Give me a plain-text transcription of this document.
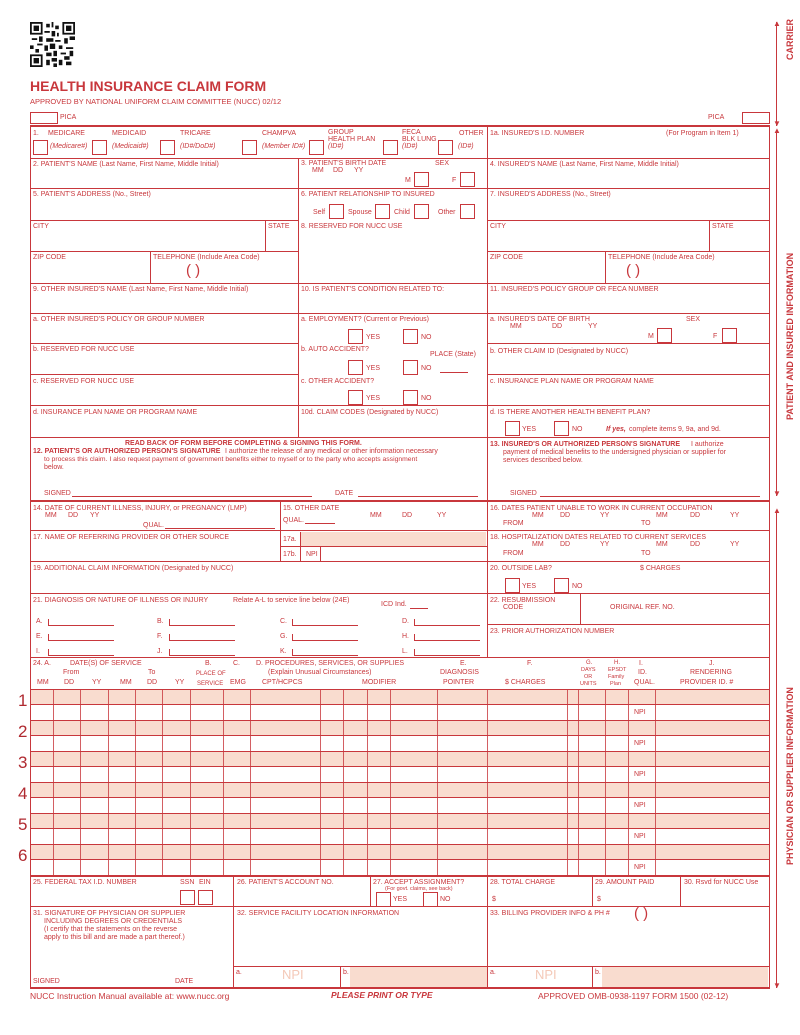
HEALTH INSURANCE CLAIM FORM
APPROVED BY NATIONAL UNIFORM CLAIM COMMITTEE (NUCC) 02/12
PICA	PICA
▲
▼
CARRIER
▲
▼
PATIENT AND INSURED INFORMATION
▲
▼
PHYSICIAN OR SUPPLIER INFORMATION
1. MEDICARE	MEDICAID	TRICARE	CHAMPVA	GROUP
HEALTH PLAN
FECA
BLK LUNG
OTHER
(Medicare#)	(Medicaid#)	(ID#/DoD#)	(Member ID#)	(ID#)	(ID#)	(ID#)
1a. INSURED'S I.D. NUMBER	(For Program in Item 1)
2. PATIENT'S NAME (Last Name, First Name, Middle Initial)	3. PATIENT'S BIRTH DATE	SEX
MM DD YY
M	F
4. INSURED'S NAME (Last Name, First Name, Middle Initial)
5. PATIENT'S ADDRESS (No., Street)	6. PATIENT RELATIONSHIP TO INSURED
Self	Spouse	Child	Other
7. INSURED'S ADDRESS (No., Street)
CITY	STATE 8. RESERVED FOR NUCC USE	CITY	STATE
ZIP CODE	TELEPHONE (Include Area Code)
( )
ZIP CODE	TELEPHONE (Include Area Code)
( )
9. OTHER INSURED'S NAME (Last Name, First Name, Middle Initial)	10. IS PATIENT'S CONDITION RELATED TO:	11. INSURED'S POLICY GROUP OR FECA NUMBER
a. OTHER INSURED'S POLICY OR GROUP NUMBER	a. EMPLOYMENT? (Current or Previous)
YES	NO
a. INSURED'S DATE OF BIRTH	SEX
MM	DD	YY
M	F
b. RESERVED FOR NUCC USE	b. AUTO ACCIDENT?
PLACE (State)
YES	NO
b. OTHER CLAIM ID (Designated by NUCC)
c. RESERVED FOR NUCC USE	c. OTHER ACCIDENT?
YES	NO
c. INSURANCE PLAN NAME OR PROGRAM NAME
d. INSURANCE PLAN NAME OR PROGRAM NAME	10d. CLAIM CODES (Designated by NUCC)	d. IS THERE ANOTHER HEALTH BENEFIT PLAN?
YES	NO	If yes, complete items 9, 9a, and 9d.
READ BACK OF FORM BEFORE COMPLETING & SIGNING THIS FORM.
12. PATIENT'S OR AUTHORIZED PERSON'S SIGNATURE I authorize the release of any medical or other information necessary
to process this claim. I also request payment of government benefits either to myself or to the party who accepts assignment
below.
SIGNED	DATE
13. INSURED'S OR AUTHORIZED PERSON'S SIGNATURE I authorize
payment of medical benefits to the undersigned physician or supplier for
services described below.
SIGNED
14. DATE OF CURRENT ILLNESS, INJURY, or PREGNANCY (LMP)
MM DD YY
QUAL.
15. OTHER DATE
QUAL.
MM	DD	YY
16. DATES PATIENT UNABLE TO WORK IN CURRENT OCCUPATION
MM DD	YY	MM	DD	YY
FROM	TO
17. NAME OF REFERRING PROVIDER OR OTHER SOURCE	17a.
17b. NPI
18. HOSPITALIZATION DATES RELATED TO CURRENT SERVICES
MM DD	YY	MM	DD	YY
FROM	TO
19. ADDITIONAL CLAIM INFORMATION (Designated by NUCC)	20. OUTSIDE LAB?	$ CHARGES
YES	NO
21. DIAGNOSIS OR NATURE OF ILLNESS OR INJURY	Relate A-L to service line below (24E)
ICD Ind.
A.	B.	C.	D.
E.	F.	G.	H.
I.	J.	K.	L.
22. RESUBMISSION
CODE	ORIGINAL REF. NO.
23. PRIOR AUTHORIZATION NUMBER
24. A.	DATE(S) OF SERVICE
From	To
MM DD	YY	MM DD	YY
B.
PLACE OF
SERVICE
C.
EMG
D. PROCEDURES, SERVICES, OR SUPPLIES
(Explain Unusual Circumstances)
CPT/HCPCS	MODIFIER
E.
DIAGNOSIS
POINTER
F.
$ CHARGES
G.
DAYS
OR
UNITS
H.
EPSDT
Family
Plan
I.
ID.
QUAL.
J.
RENDERING
PROVIDER ID. #
1
NPI
2
NPI
3
NPI
4
NPI
5
NPI
6
NPI
25. FEDERAL TAX I.D. NUMBER	SSN EIN	26. PATIENT'S ACCOUNT NO.	27. ACCEPT ASSIGNMENT?
(For govt. claims, see back)
YES	NO
28. TOTAL CHARGE
$
29. AMOUNT PAID
$
30. Rsvd for NUCC Use
31. SIGNATURE OF PHYSICIAN OR SUPPLIER
INCLUDING DEGREES OR CREDENTIALS
(I certify that the statements on the reverse
apply to this bill and are made a part thereof.)
SIGNED	DATE
32. SERVICE FACILITY LOCATION INFORMATION
a.	NPI	b.
33. BILLING PROVIDER INFO & PH # ( )
a.	NPI	b.
NUCC Instruction Manual available at: www.nucc.org	PLEASE PRINT OR TYPE	APPROVED OMB-0938-1197 FORM 1500 (02-12)
